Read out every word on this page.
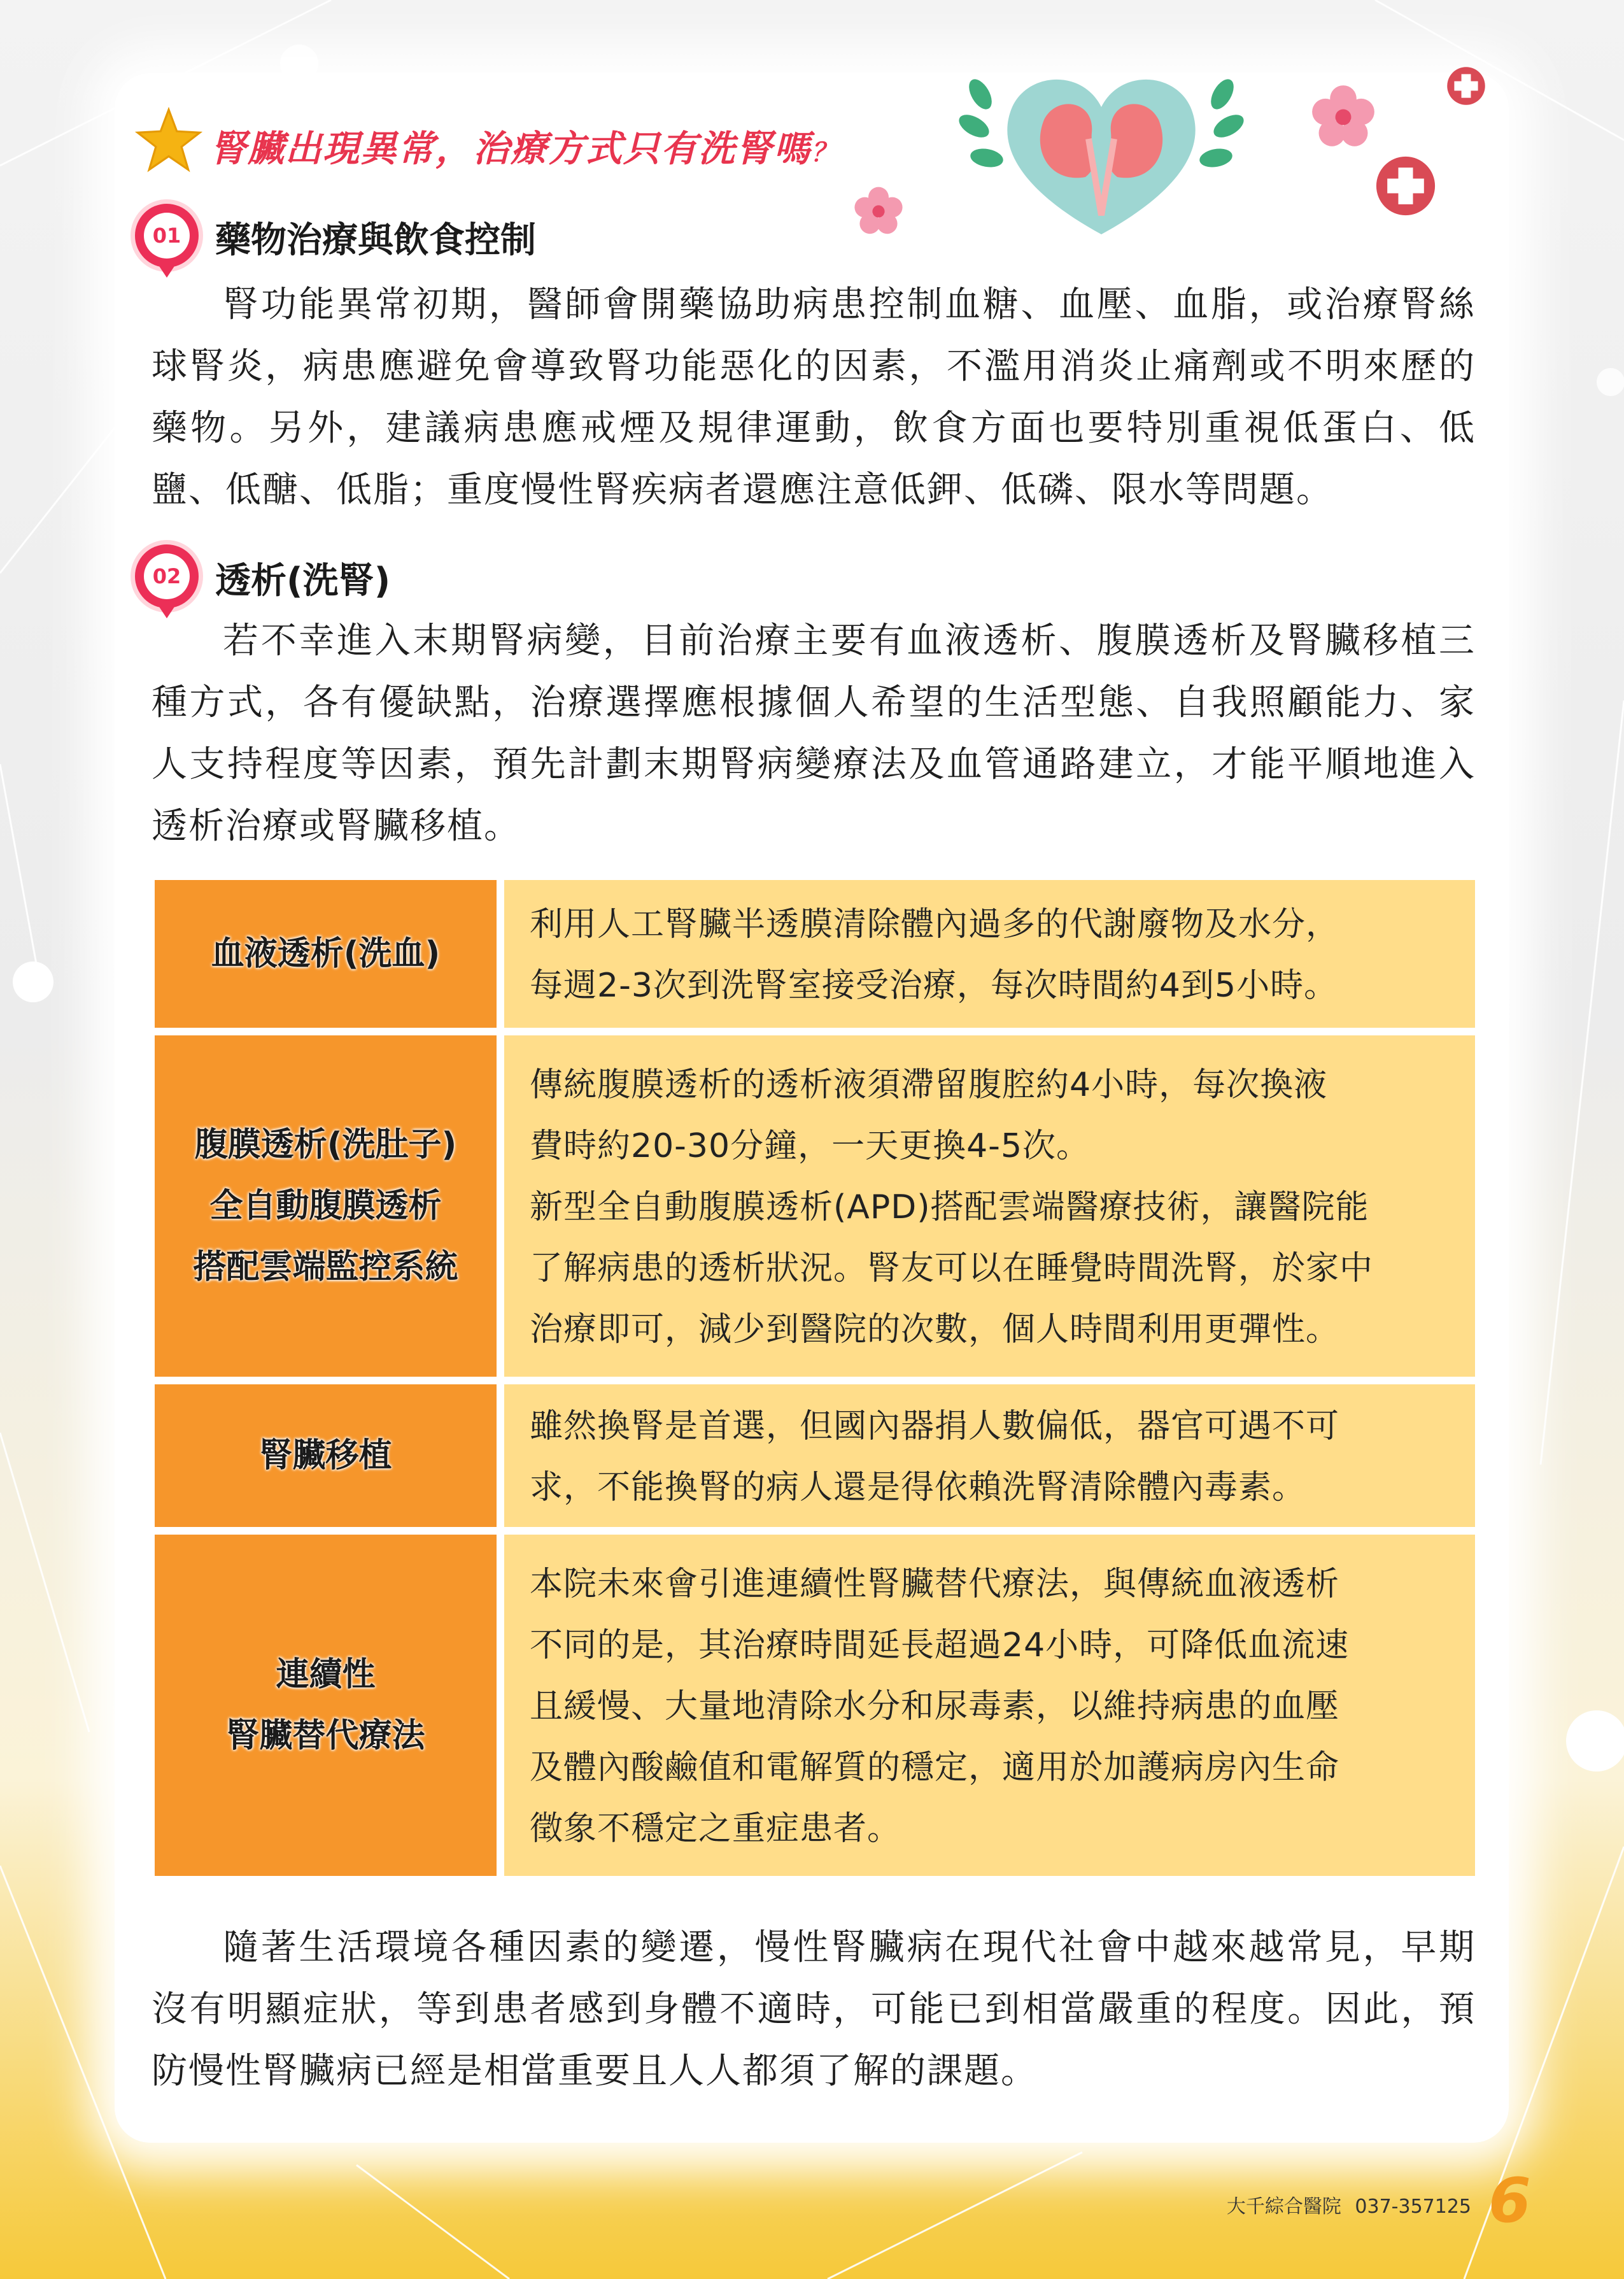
腎臟出現異常，治療方式只有洗腎嗎？
01 藥物治療與飲食控制
腎功能異常初期，醫師會開藥協助病患控制血糖、血壓、血脂，或治療腎絲球腎炎，病患應避免會導致腎功能惡化的因素，不濫用消炎止痛劑或不明來歷的藥物。另外，建議病患應戒煙及規律運動，飲食方面也要特別重視低蛋白、低鹽、低醣、低脂；重度慢性腎疾病者還應注意低鉀、低磷、限水等問題。
02 透析(洗腎)
若不幸進入末期腎病變，目前治療主要有血液透析、腹膜透析及腎臟移植三種方式，各有優缺點，治療選擇應根據個人希望的生活型態、自我照顧能力、家人支持程度等因素，預先計劃末期腎病變療法及血管通路建立，才能平順地進入透析治療或腎臟移植。
血液透析(洗血)
利用人工腎臟半透膜清除體內過多的代謝廢物及水分，
每週2-3次到洗腎室接受治療，每次時間約4到5小時。
腹膜透析(洗肚子)
全自動腹膜透析
搭配雲端監控系統
傳統腹膜透析的透析液須滯留腹腔約4小時，每次換液
費時約20-30分鐘，一天更換4-5次。
新型全自動腹膜透析(APD)搭配雲端醫療技術，讓醫院能
了解病患的透析狀況。腎友可以在睡覺時間洗腎，於家中
治療即可，減少到醫院的次數，個人時間利用更彈性。
腎臟移植
雖然換腎是首選，但國內器捐人數偏低，器官可遇不可
求，不能換腎的病人還是得依賴洗腎清除體內毒素。
連續性
腎臟替代療法
本院未來會引進連續性腎臟替代療法，與傳統血液透析
不同的是，其治療時間延長超過24小時，可降低血流速
且緩慢、大量地清除水分和尿毒素，以維持病患的血壓
及體內酸鹼值和電解質的穩定，適用於加護病房內生命
徵象不穩定之重症患者。
隨著生活環境各種因素的變遷，慢性腎臟病在現代社會中越來越常見，早期沒有明顯症狀，等到患者感到身體不適時，可能已到相當嚴重的程度。因此，預防慢性腎臟病已經是相當重要且人人都須了解的課題。
大千綜合醫院 037-357125 6
